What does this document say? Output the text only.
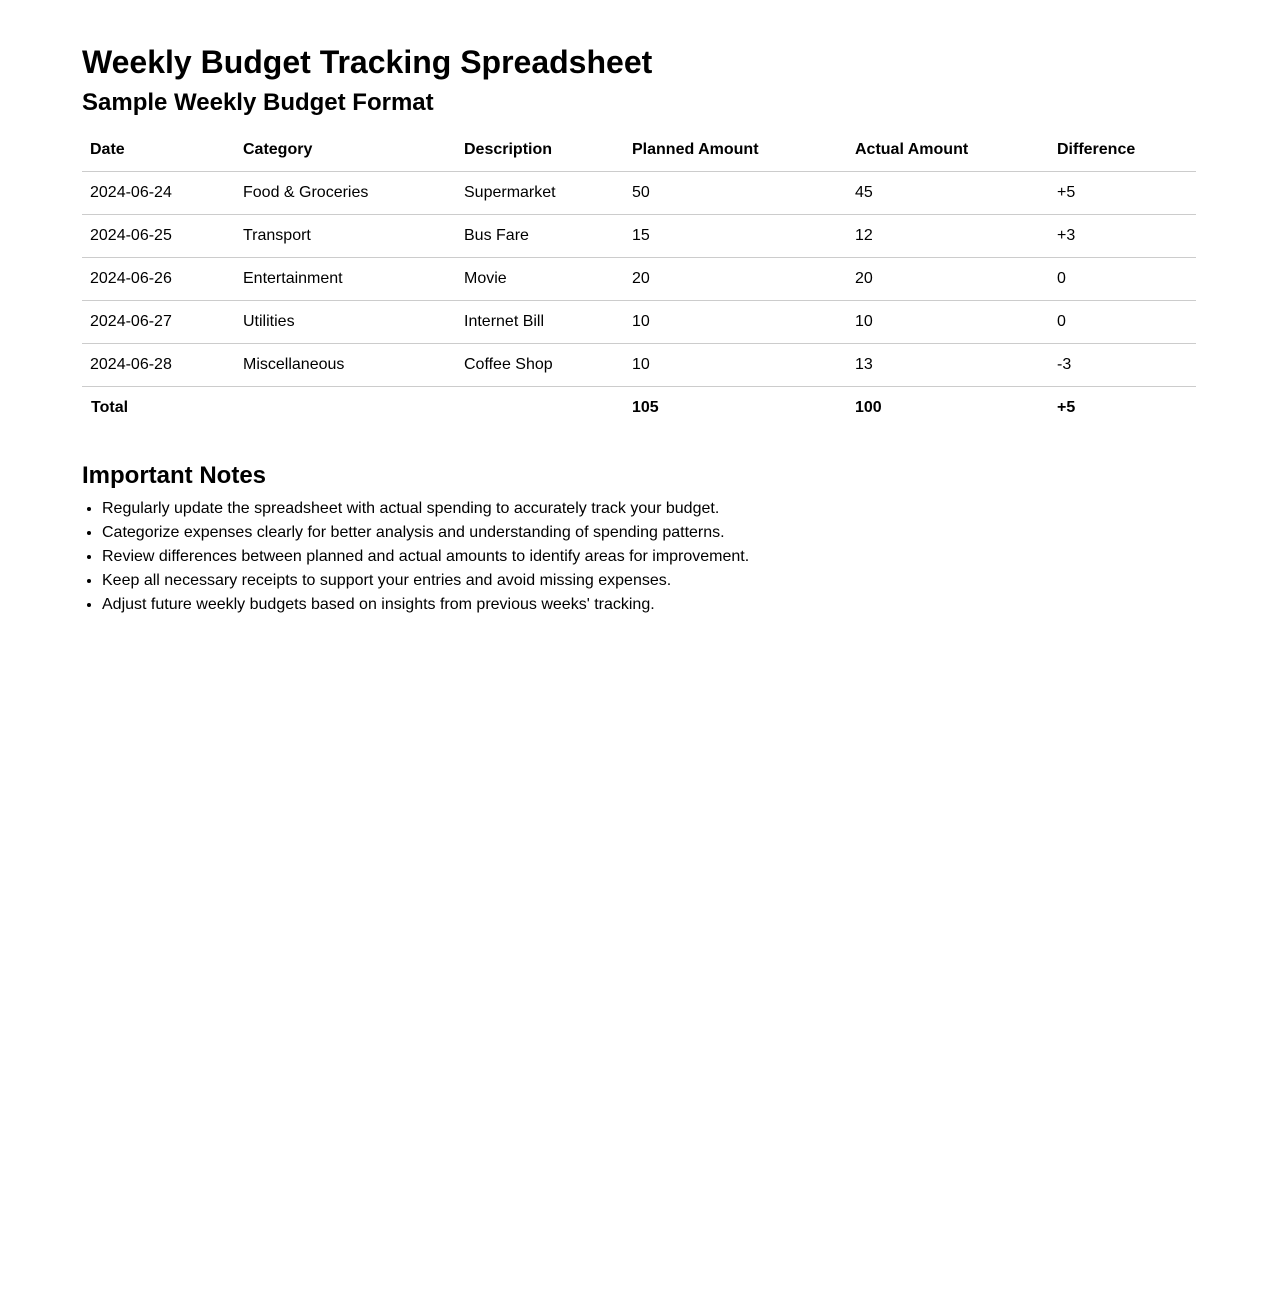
Weekly Budget Tracking Spreadsheet
Sample Weekly Budget Format
Date	Category	Description	Planned Amount	Actual Amount	Difference
2024-06-24	Food & Groceries	Supermarket	50	45	+5
2024-06-25	Transport	Bus Fare	15	12	+3
2024-06-26	Entertainment	Movie	20	20	0
2024-06-27	Utilities	Internet Bill	10	10	0
2024-06-28	Miscellaneous	Coffee Shop	10	13	-3
Total			105	100	+5
Important Notes
• Regularly update the spreadsheet with actual spending to accurately track your budget.
• Categorize expenses clearly for better analysis and understanding of spending patterns.
• Review differences between planned and actual amounts to identify areas for improvement.
• Keep all necessary receipts to support your entries and avoid missing expenses.
• Adjust future weekly budgets based on insights from previous weeks' tracking.
